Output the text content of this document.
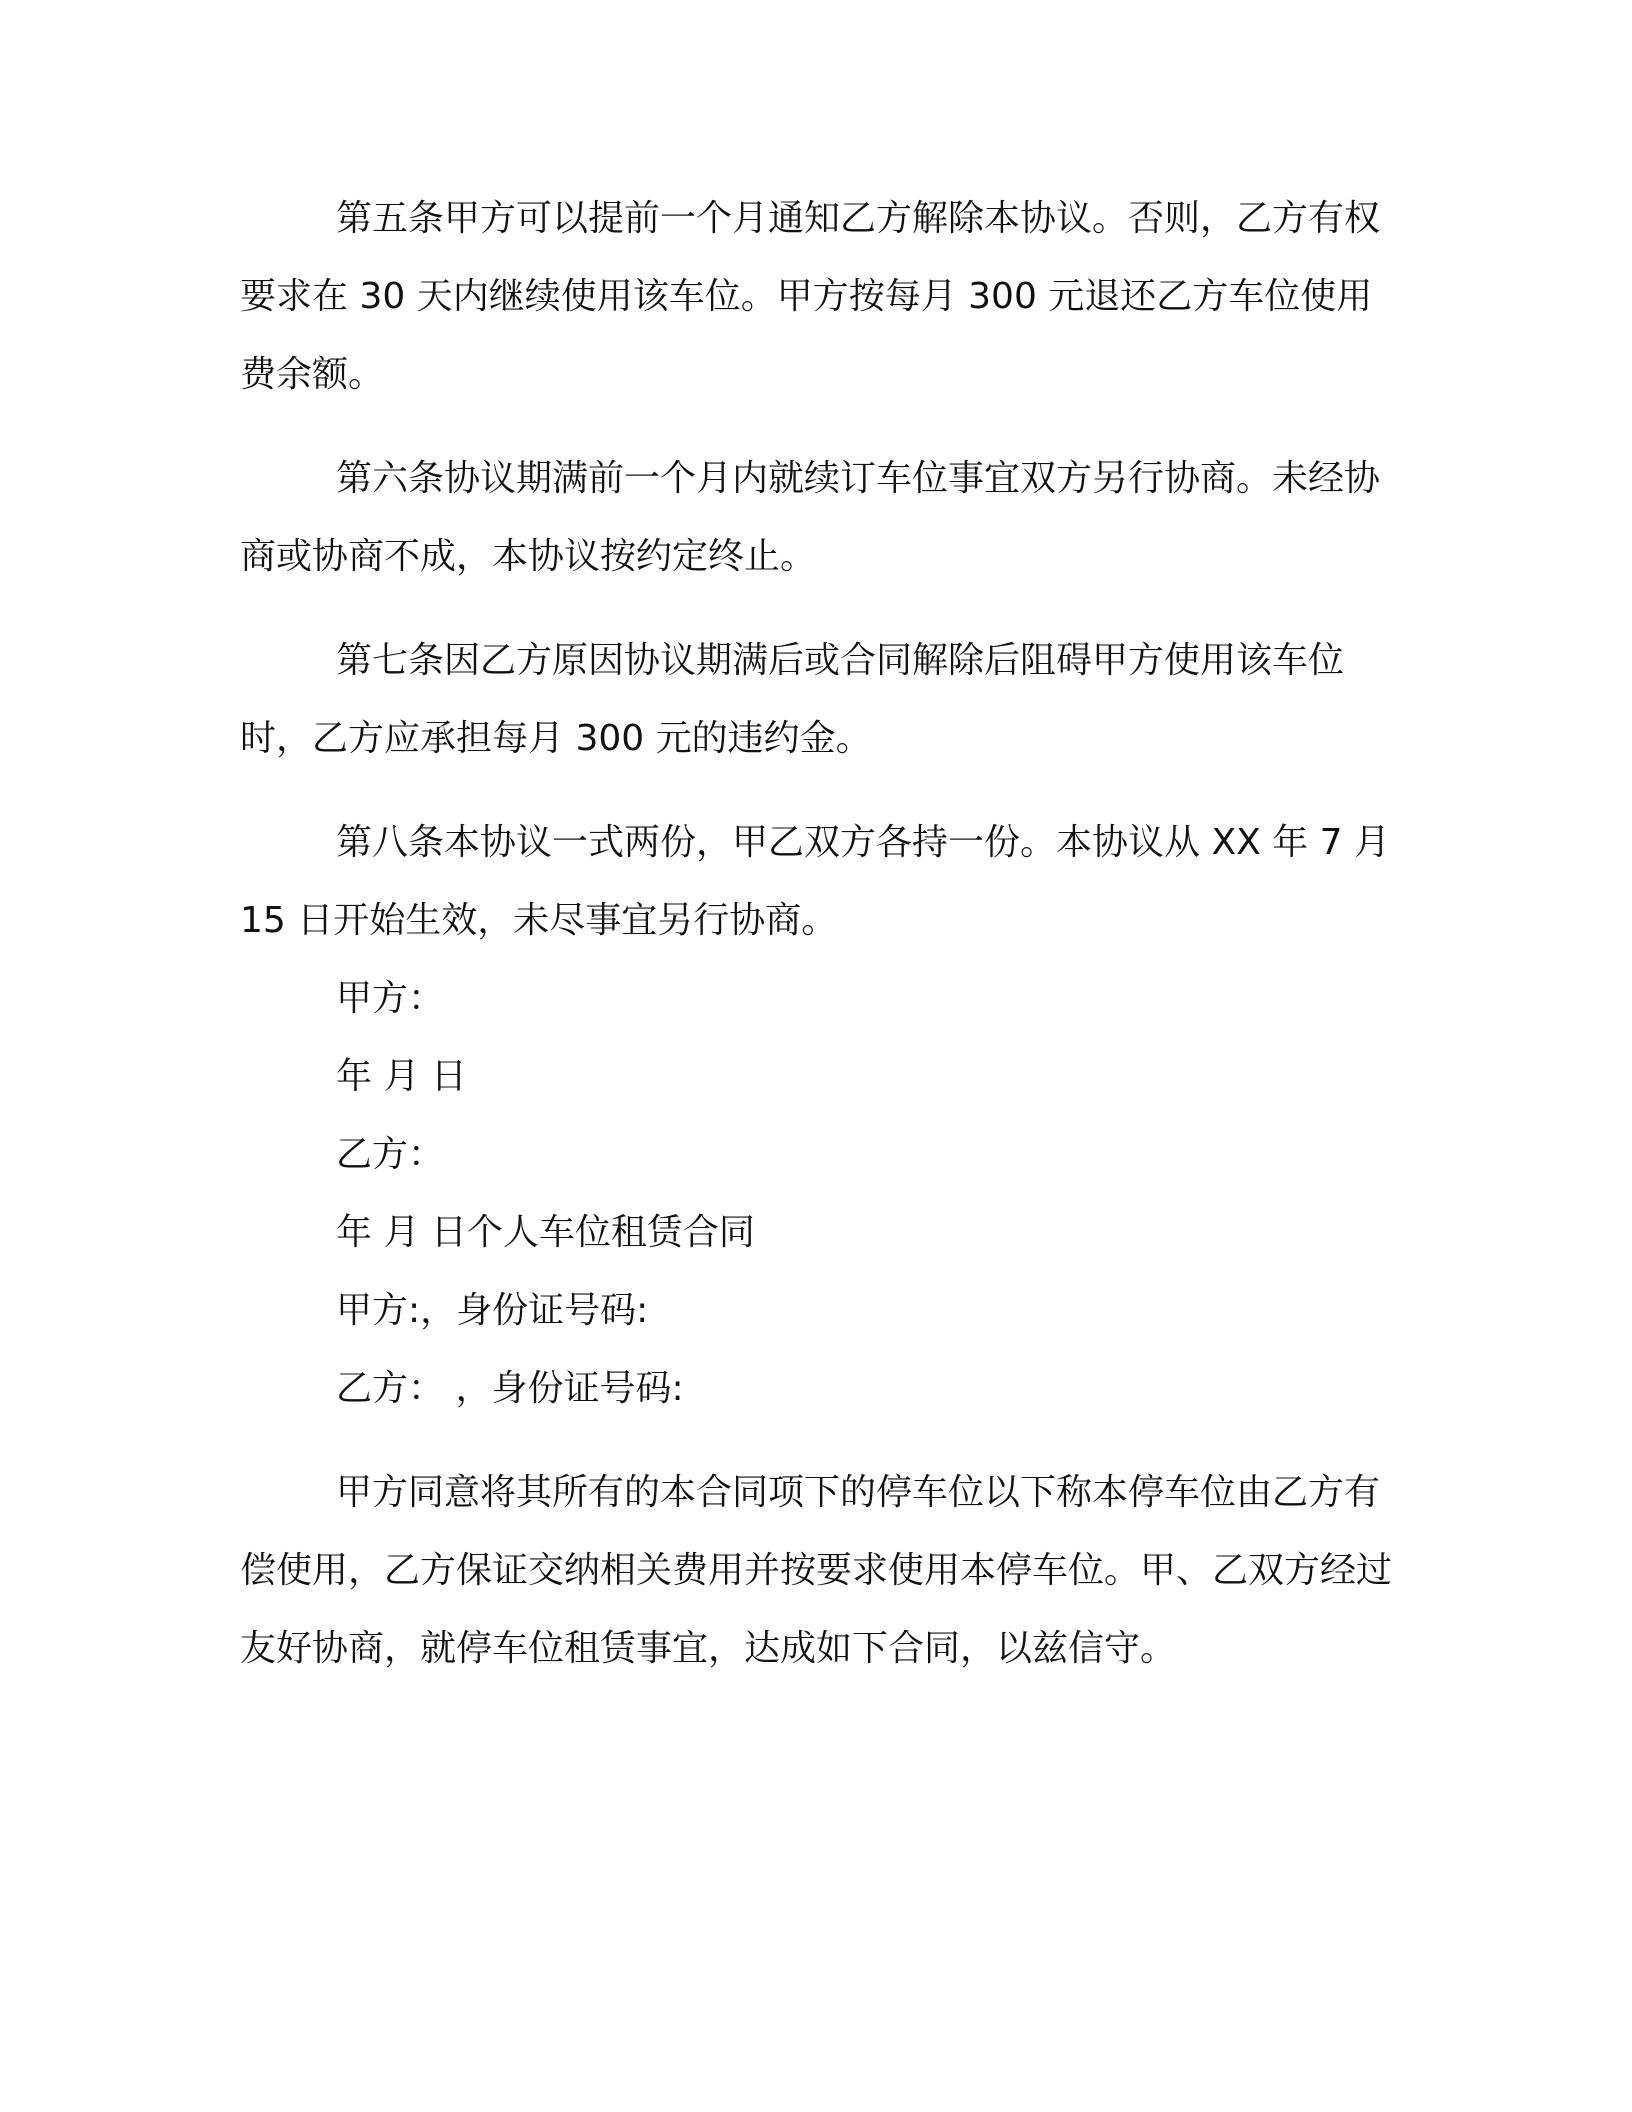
第五条甲方可以提前一个月通知乙方解除本协议。否则，乙方有权要求在 30 天内继续使用该车位。甲方按每月 300 元退还乙方车位使用费余额。

第六条协议期满前一个月内就续订车位事宜双方另行协商。未经协商或协商不成，本协议按约定终止。

第七条因乙方原因协议期满后或合同解除后阻碍甲方使用该车位时，乙方应承担每月 300 元的违约金。

第八条本协议一式两份，甲乙双方各持一份。本协议从 XX 年 7 月 15 日开始生效，未尽事宜另行协商。

甲方：

年 月 日

乙方：

年 月 日个人车位租赁合同

甲方:，身份证号码:

乙方： ，身份证号码:

甲方同意将其所有的本合同项下的停车位以下称本停车位由乙方有偿使用，乙方保证交纳相关费用并按要求使用本停车位。甲、乙双方经过友好协商，就停车位租赁事宜，达成如下合同，以兹信守。
